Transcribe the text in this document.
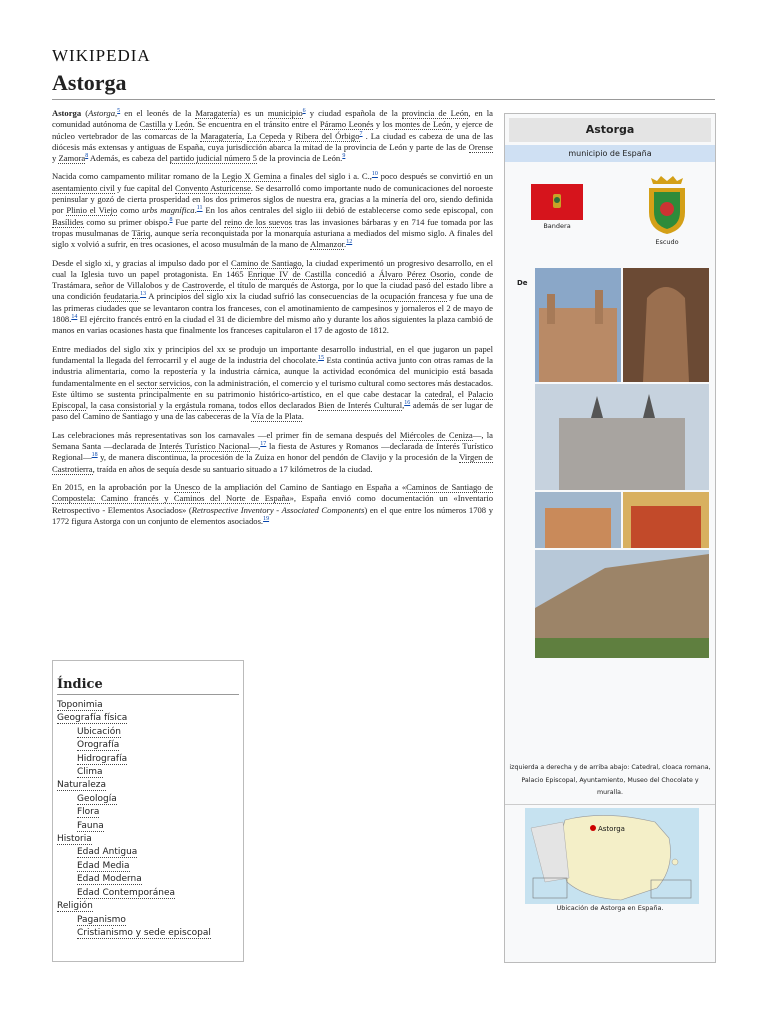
WIKIPEDIA
Astorga

Astorga (Astorga,$^5$ en el leonés de la Maragatería) es un municipio$^6$ y ciudad española de la provincia de León, en la comunidad autónoma de Castilla y León. Se encuentra en el tránsito entre el Páramo Leonés y los montes de León, y ejerce de núcleo vertebrador de las comarcas de la Maragatería, La Cepeda y Ribera del Órbigo$^7$ . La ciudad es cabeza de una de las diócesis más extensas y antiguas de España, cuya jurisdicción abarca la mitad de la provincia de León y parte de las de Orense y Zamora$^8$ Además, es cabeza del partido judicial número 5 de la provincia de León.$^9$

Nacida como campamento militar romano de la Legio X Gemina a finales del siglo i a. C.,$^{10}$ poco después se convirtió en un asentamiento civil y fue capital del Convento Asturicense. Se desarrolló como importante nudo de comunicaciones del noroeste peninsular y gozó de cierta prosperidad en los dos primeros siglos de nuestra era, gracias a la minería del oro, siendo definida por Plinio el Viejo como urbs magnífica.$^{11}$ En los años centrales del siglo iii debió de establecerse como sede episcopal, con Basílides como su primer obispo.$^8$ Fue parte del reino de los suevos tras las invasiones bárbaras y en 714 fue tomada por las tropas musulmanas de Tāriq, aunque sería reconquistada por la monarquía asturiana a mediados del mismo siglo. A finales del siglo x volvió a sufrir, en tres ocasiones, el acoso musulmán de la mano de Almanzor.$^{12}$

Desde el siglo xi, y gracias al impulso dado por el Camino de Santiago, la ciudad experimentó un progresivo desarrollo, en el cual la Iglesia tuvo un papel protagonista. En 1465 Enrique IV de Castilla concedió a Álvaro Pérez Osorio, conde de Trastámara, señor de Villalobos y de Castroverde, el título de marqués de Astorga, por lo que la ciudad pasó del estado libre a una condición feudataria.$^{13}$ A principios del siglo xix la ciudad sufrió las consecuencias de la ocupación francesa y fue una de las primeras ciudades que se levantaron contra los franceses, con el amotinamiento de campesinos y jornaleros el 2 de mayo de 1808.14 El ejército francés entró en la ciudad el 31 de diciembre del mismo año y durante los años siguientes la plaza cambió de manos en varias ocasiones hasta que finalmente los franceses capitularon el 17 de agosto de 1812.

Entre mediados del siglo xix y principios del xx se produjo un importante desarrollo industrial, en el que jugaron un papel fundamental la llegada del ferrocarril y el auge de la industria del chocolate.$^{15}$ Esta continúa activa junto con otras ramas de la industria alimentaria, como la repostería y la industria cárnica, aunque la actividad económica del municipio está basada fundamentalmente en el sector servicios, con la administración, el comercio y el turismo cultural como sectores más destacados. Este último se sustenta principalmente en su patrimonio histórico-artístico, en el que cabe destacar la catedral, el Palacio Episcopal, la casa consistorial y la ergástula romana, todos ellos declarados Bien de Interés Cultural,$^{16}$ además de ser lugar de paso del Camino de Santiago y una de las cabeceras de la Vía de la Plata.

Las celebraciones más representativas son los carnavales —el primer fin de semana después del Miércoles de Ceniza—, la Semana Santa —declarada de Interés Turístico Nacional—,$^{17}$ la fiesta de Astures y Romanos —declarada de Interés Turístico Regional—$^{18}$ y, de manera discontinua, la procesión de la Zuiza en honor del pendón de Clavijo y la procesión de la Virgen de Castrotierra, traída en años de sequía desde su santuario situado a 17 kilómetros de la ciudad.

En 2015, en la aprobación por la Unesco de la ampliación del Camino de Santiago en España a «Caminos de Santiago de Compostela: Camino francés y Caminos del Norte de España», España envió como documentación un «Inventario Retrospectivo - Elementos Asociados» (Retrospective Inventory - Associated Components) en el que entre los números 1708 y 1772 figura Astorga con un conjunto de elementos asociados.$^{19}$

Astorga
municipio de España
Bandera
Escudo
De
izquierda a derecha y de arriba abajo: Catedral, cloaca romana, Palacio Episcopal, Ayuntamiento, Museo del Chocolate y muralla.
Astorga
Ubicación de Astorga en España.
Índice
Toponimia
Geografía física
Ubicación
Orografía
Hidrografía
Clima
Naturaleza
Geología
Flora
Fauna
Historia
Edad Antigua
Edad Media
Edad Moderna
Edad Contemporánea
Religión
Paganismo
Cristianismo y sede episcopal
